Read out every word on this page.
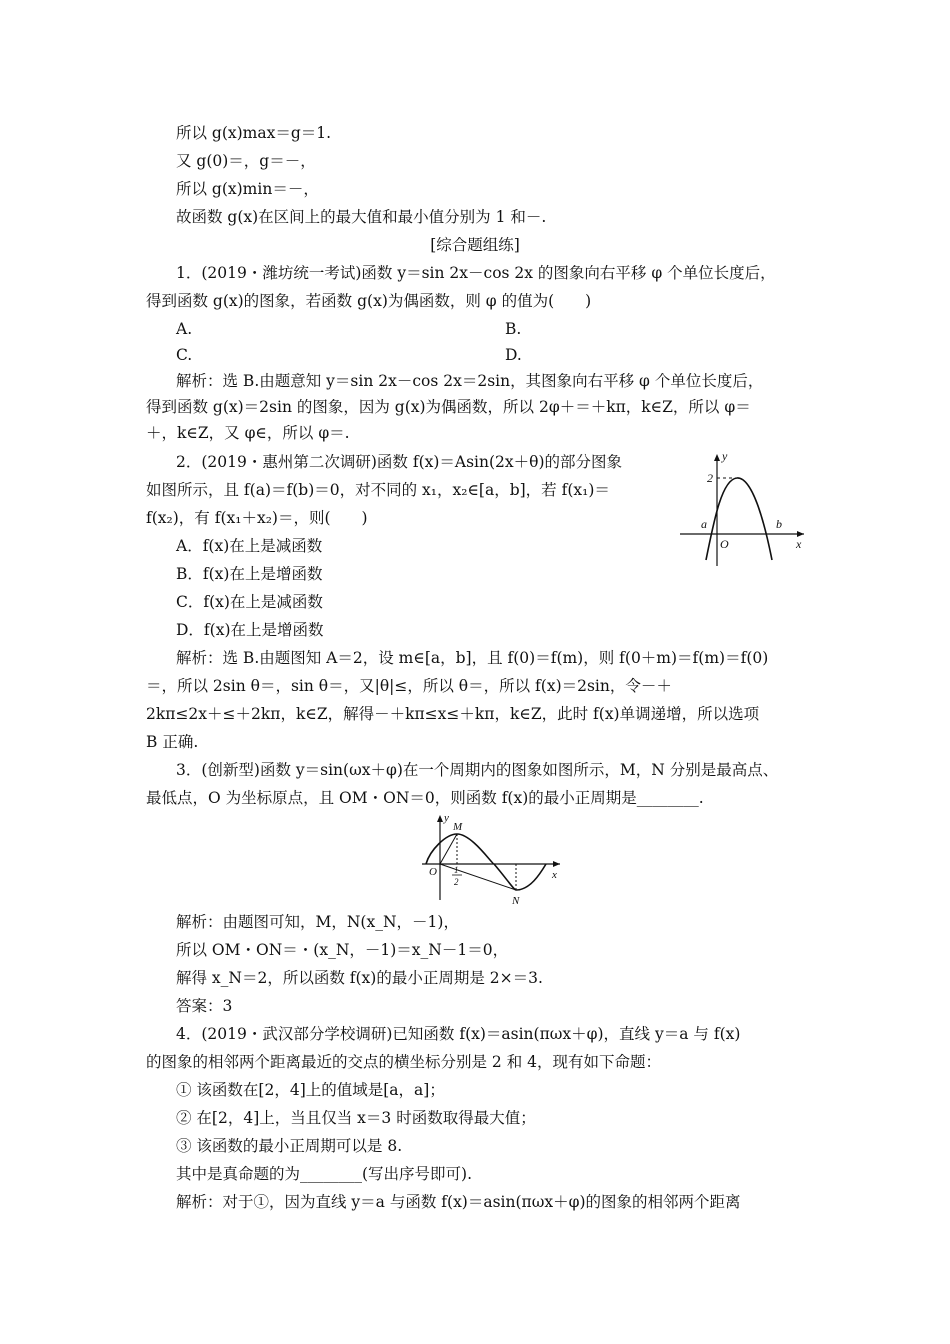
所以 g(x)max＝g＝1.
又 g(0)＝，g＝－，
所以 g(x)min＝－，
故函数 g(x)在区间上的最大值和最小值分别为 1 和－.
[综合题组练]
1．(2019・潍坊统一考试)函数 y＝sin 2x－cos 2x 的图象向右平移 φ 个单位长度后，
得到函数 g(x)的图象，若函数 g(x)为偶函数，则 φ 的值为(　　)
A.	B.
C.	D.
解析：选 B.由题意知 y＝sin 2x－cos 2x＝2sin，其图象向右平移 φ 个单位长度后，
得到函数 g(x)＝2sin 的图象，因为 g(x)为偶函数，所以 2φ＋＝＋kπ，k∈Z，所以 φ＝
＋，k∈Z，又 φ∈，所以 φ＝.
2．(2019・惠州第二次调研)函数 f(x)＝Asin(2x＋θ)的部分图象
如图所示，且 f(a)＝f(b)＝0，对不同的 x₁，x₂∈[a，b]，若 f(x₁)＝
f(x₂)，有 f(x₁＋x₂)＝，则(　　)
A．f(x)在上是减函数
B．f(x)在上是增函数
C．f(x)在上是减函数
D．f(x)在上是增函数
解析：选 B.由题图知 A＝2，设 m∈[a，b]，且 f(0)＝f(m)，则 f(0＋m)＝f(m)＝f(0)
＝，所以 2sin θ＝，sin θ＝，又|θ|≤，所以 θ＝，所以 f(x)＝2sin，令－＋
2kπ≤2x＋≤＋2kπ，k∈Z，解得－＋kπ≤x≤＋kπ，k∈Z，此时 f(x)单调递增，所以选项
B 正确.
3．(创新型)函数 y＝sin(ωx＋φ)在一个周期内的图象如图所示，M，N 分别是最高点、
最低点，O 为坐标原点，且 OM・ON＝0，则函数 f(x)的最小正周期是________.
解析：由题图可知，M，N(x_N，－1)，
所以 OM・ON＝・(x_N，－1)＝x_N－1＝0，
解得 x_N＝2，所以函数 f(x)的最小正周期是 2×＝3.
答案：3
4．(2019・武汉部分学校调研)已知函数 f(x)＝asin(πωx＋φ)，直线 y＝a 与 f(x)
的图象的相邻两个距离最近的交点的横坐标分别是 2 和 4，现有如下命题：
① 该函数在[2，4]上的值域是[a，a]；
② 在[2，4]上，当且仅当 x＝3 时函数取得最大值；
③ 该函数的最小正周期可以是 8.
其中是真命题的为________(写出序号即可).
解析：对于①，因为直线 y＝a 与函数 f(x)＝asin(πωx＋φ)的图象的相邻两个距离
y
2
a
O
b
x
y
M
O 1
2
N
x
